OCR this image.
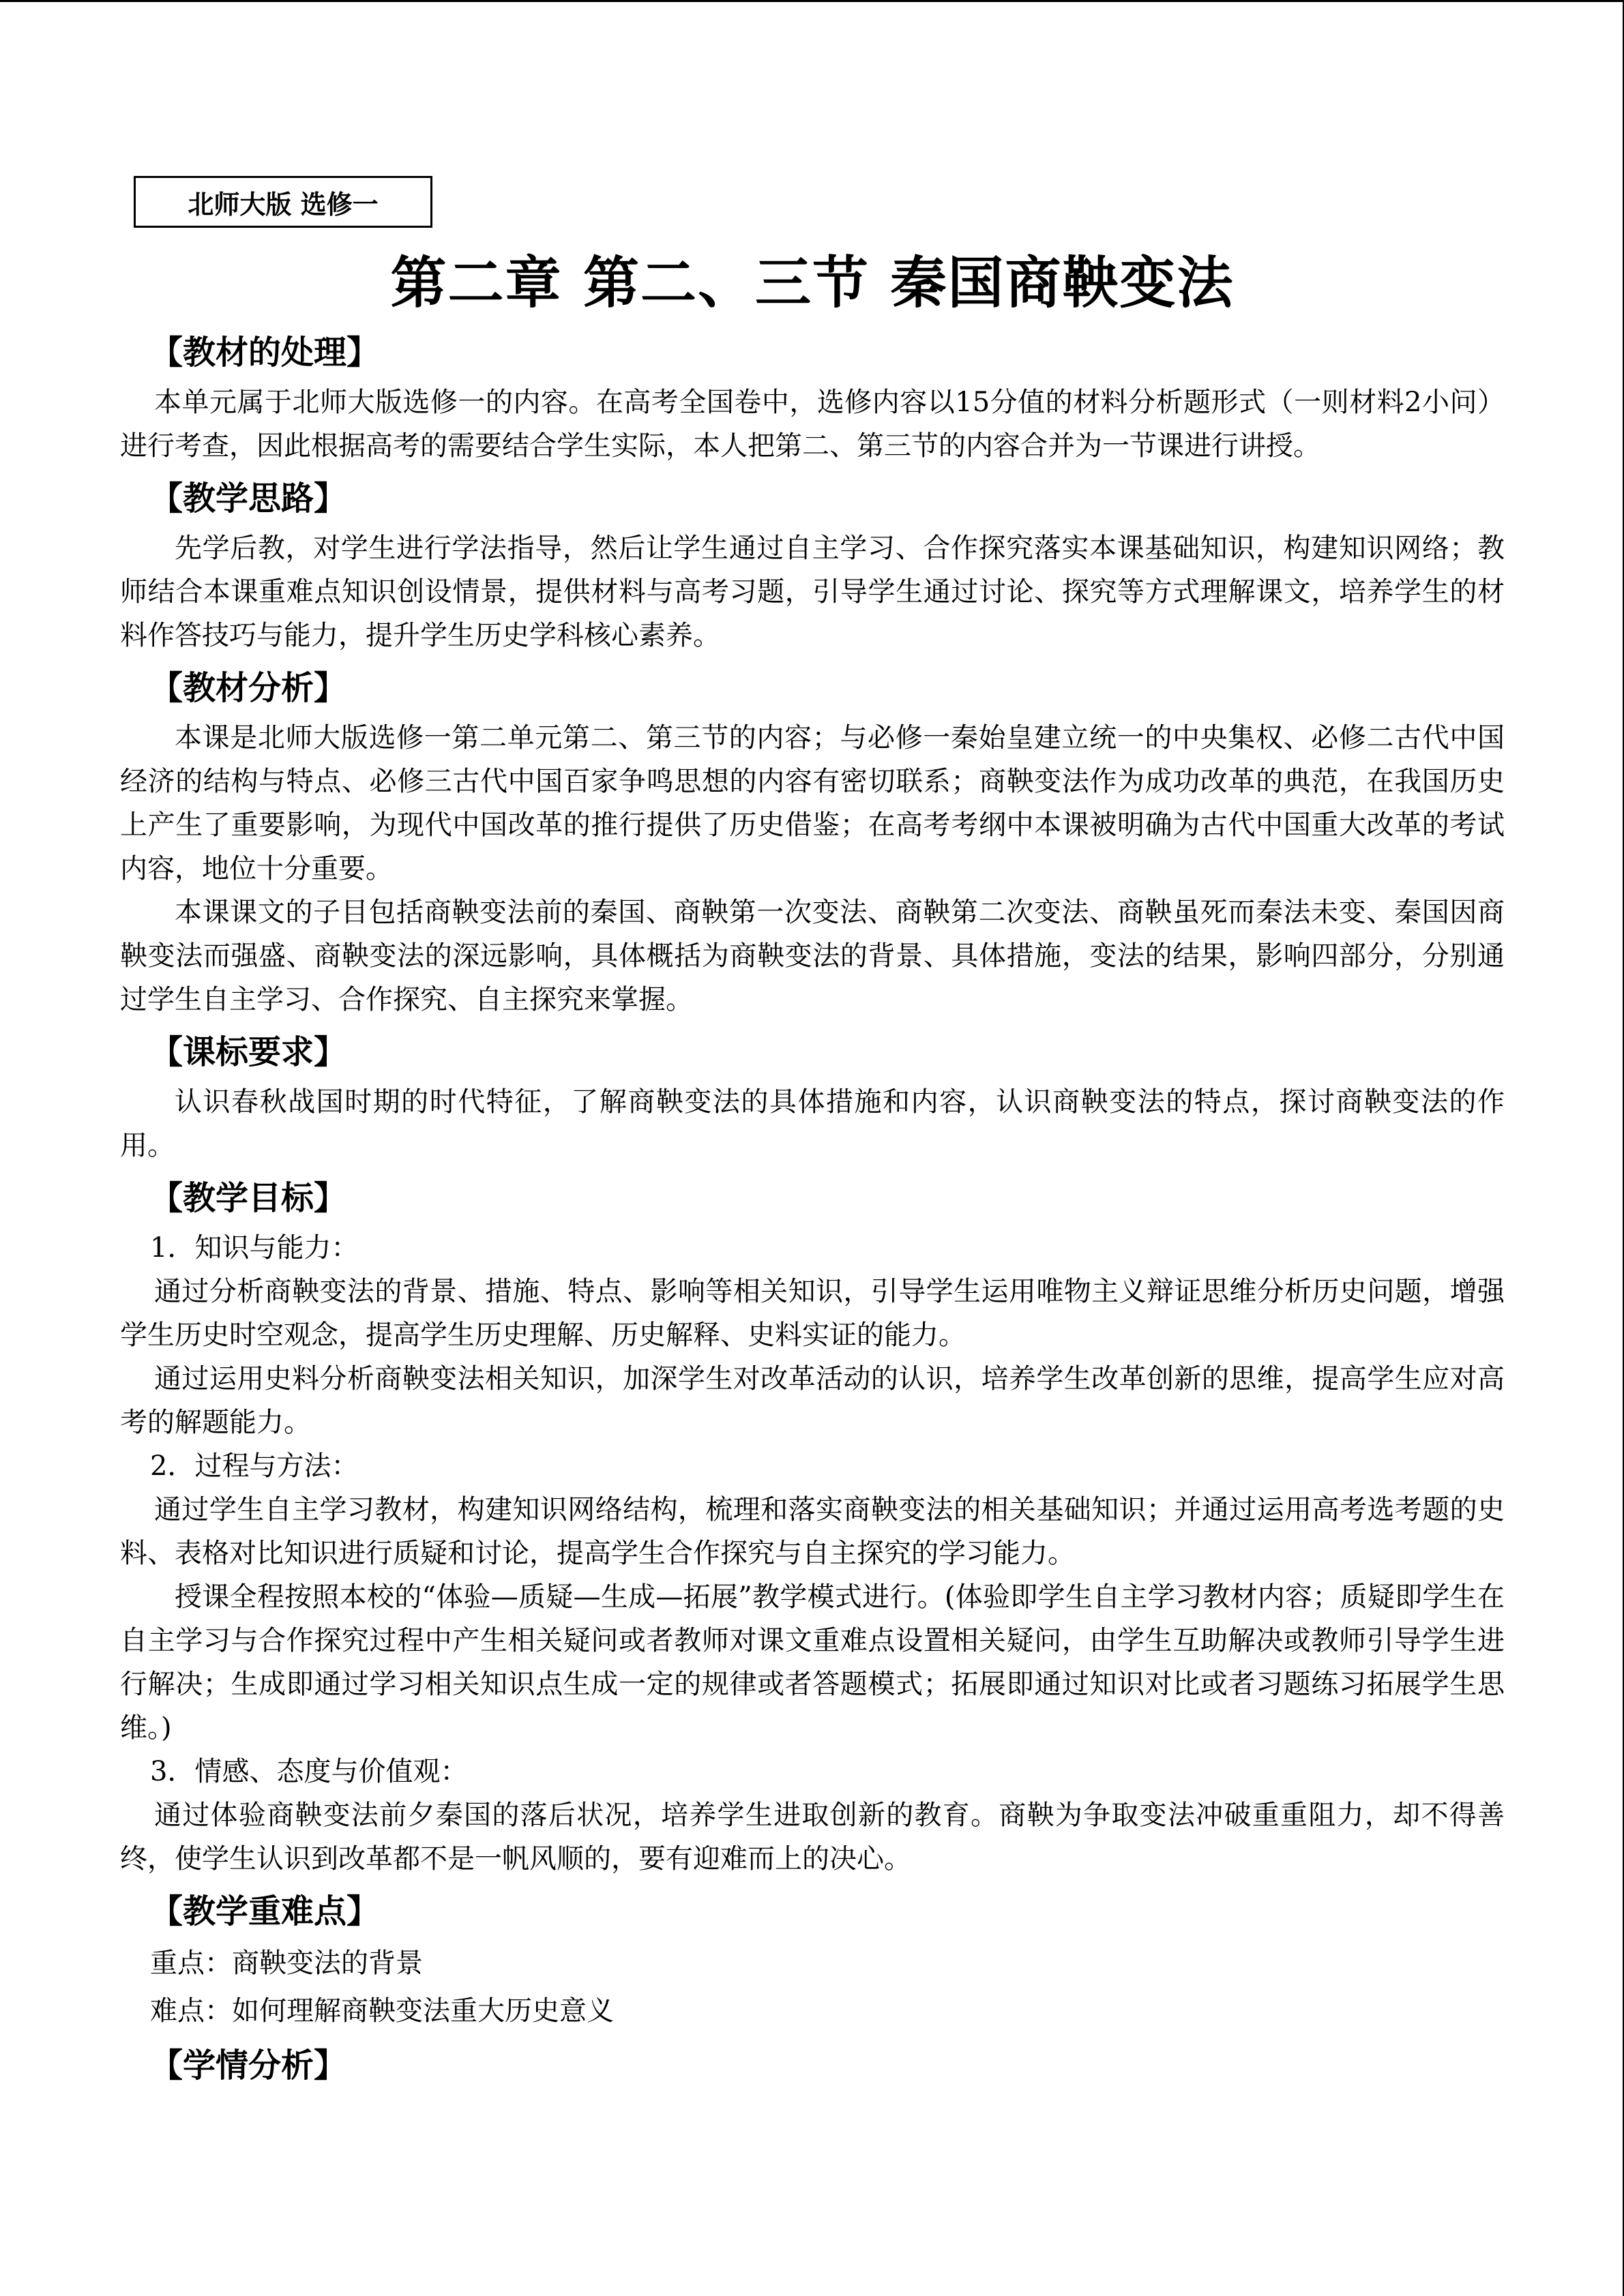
北师大版 选修一
第二章 第二、三节 秦国商鞅变法
【教材的处理】

本单元属于北师大版选修一的内容。在高考全国卷中，选修内容以15分值的材料分析题形式（一则材料2小问）进行考查，因此根据高考的需要结合学生实际，本人把第二、第三节的内容合并为一节课进行讲授。

【教学思路】

先学后教，对学生进行学法指导，然后让学生通过自主学习、合作探究落实本课基础知识，构建知识网络；教师结合本课重难点知识创设情景，提供材料与高考习题，引导学生通过讨论、探究等方式理解课文，培养学生的材料作答技巧与能力，提升学生历史学科核心素养。

【教材分析】

本课是北师大版选修一第二单元第二、第三节的内容；与必修一秦始皇建立统一的中央集权、必修二古代中国经济的结构与特点、必修三古代中国百家争鸣思想的内容有密切联系；商鞅变法作为成功改革的典范，在我国历史上产生了重要影响，为现代中国改革的推行提供了历史借鉴；在高考考纲中本课被明确为古代中国重大改革的考试内容，地位十分重要。

本课课文的子目包括商鞅变法前的秦国、商鞅第一次变法、商鞅第二次变法、商鞅虽死而秦法未变、秦国因商鞅变法而强盛、商鞅变法的深远影响，具体概括为商鞅变法的背景、具体措施，变法的结果，影响四部分，分别通过学生自主学习、合作探究、自主探究来掌握。

【课标要求】

认识春秋战国时期的时代特征，了解商鞅变法的具体措施和内容，认识商鞅变法的特点，探讨商鞅变法的作用。

【教学目标】

1．知识与能力：

通过分析商鞅变法的背景、措施、特点、影响等相关知识，引导学生运用唯物主义辩证思维分析历史问题，增强学生历史时空观念，提高学生历史理解、历史解释、史料实证的能力。

通过运用史料分析商鞅变法相关知识，加深学生对改革活动的认识，培养学生改革创新的思维，提高学生应对高考的解题能力。

2．过程与方法：

通过学生自主学习教材，构建知识网络结构，梳理和落实商鞅变法的相关基础知识；并通过运用高考选考题的史料、表格对比知识进行质疑和讨论，提高学生合作探究与自主探究的学习能力。

授课全程按照本校的“体验—质疑—生成—拓展”教学模式进行。(体验即学生自主学习教材内容；质疑即学生在自主学习与合作探究过程中产生相关疑问或者教师对课文重难点设置相关疑问，由学生互助解决或教师引导学生进行解决；生成即通过学习相关知识点生成一定的规律或者答题模式；拓展即通过知识对比或者习题练习拓展学生思维。)

3．情感、态度与价值观：

通过体验商鞅变法前夕秦国的落后状况，培养学生进取创新的教育。商鞅为争取变法冲破重重阻力，却不得善终，使学生认识到改革都不是一帆风顺的，要有迎难而上的决心。

【教学重难点】

重点：商鞅变法的背景

难点：如何理解商鞅变法重大历史意义

【学情分析】
